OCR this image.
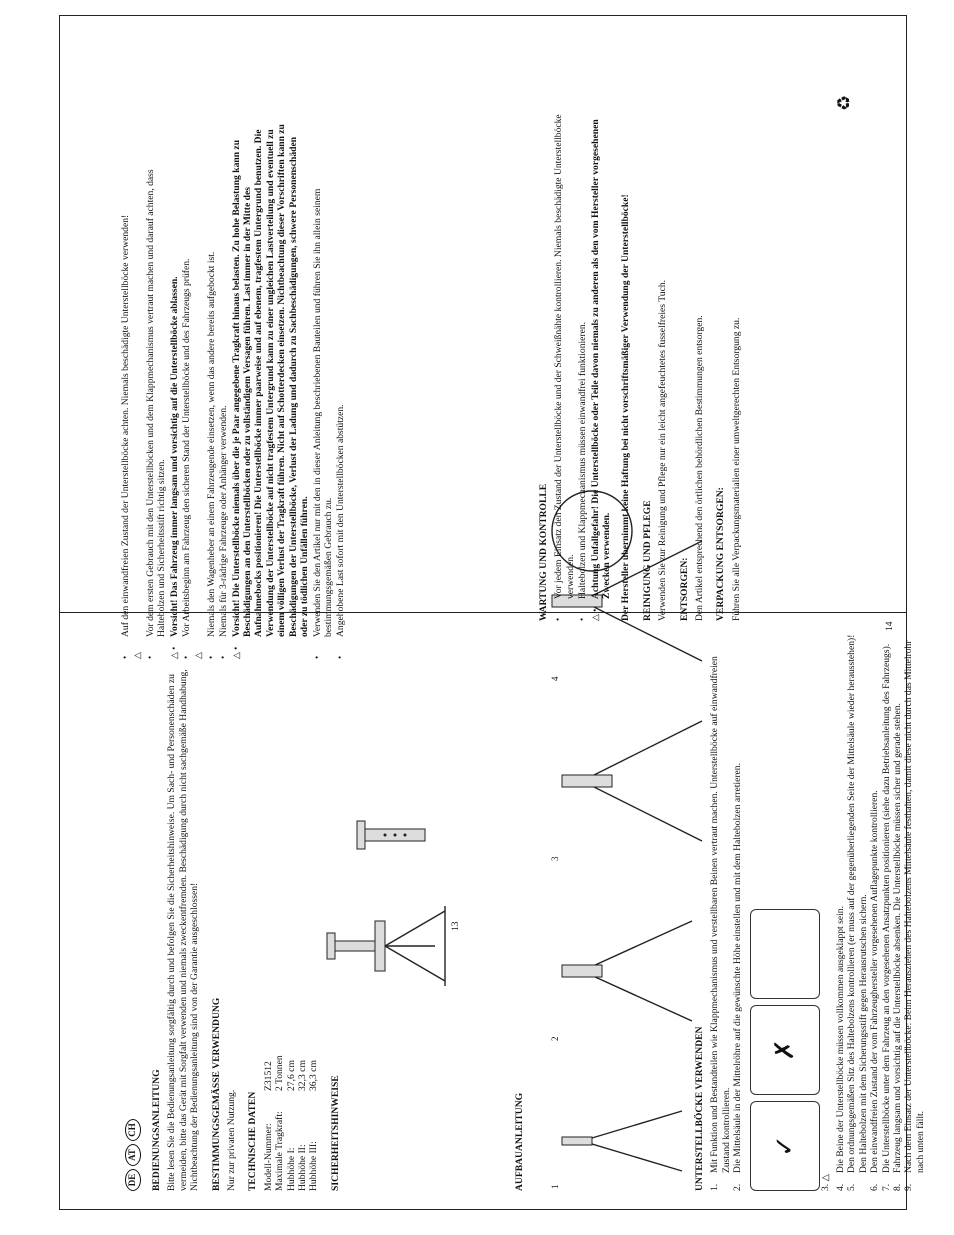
DE
AT
CH	BEDIENUNGSANLEITUNG Bitte lesen Sie die Bedienungsanleitung sorgfältig durch und befolgen Sie die Sicherheitshinweise. Um Sach- und Personenschäden zu vermeiden, bitte das Gerät mit Sorgfalt verwenden und niemals zweckentfremden. Beschädigung durch nicht sachgemäße Handhabung, Nichtbeachtung der Bedienungsanleitung sind von der Garantie ausgeschlossen! BESTIMMUNGSGEMÄSSE VERWENDUNG Nur zur privaten Nutzung. TECHNISCHE DATEN Modell-Nummer:
Z31512
Maximale Tragkraft:
2 Tonnen
Hubhöhe I:
27,6 cm
Hubhöhe II:
32,3 cm
Hubhöhe III:
36,3 cm SICHERHEITSHINWEISE
•
Auf den einwandfreien Zustand der Unterstellböcke achten. Niemals beschädigte Unterstellböcke verwenden!
△
•
Vor dem ersten Gebrauch mit den Unterstellböcken und dem Klappmechanismus vertraut machen und darauf achten, dass Haltebolzen und Sicherheitsstift richtig sitzen.
△ •
Vorsicht! Das Fahrzeug immer langsam und vorsichtig auf die Unterstellböcke ablassen.
•
Vor Arbeitsbeginn am Fahrzeug den sicheren Stand der Unterstellböcke und des Fahrzeugs prüfen.
△
•
Niemals den Wagenheber an einem Fahrzeugende einsetzen, wenn das andere bereits aufgebockt ist.
•
Niemals für 3-rädrige Fahrzeuge oder Anhänger verwenden.
△ •
Vorsicht! Die Unterstellböcke niemals über die je Paar angegebene Tragkraft hinaus belasten. Zu hohe Belastung kann zu Beschädigungen an den Unterstellböcken oder zu vollständigem Versagen führen. Last immer in der Mitte des Aufnahmebocks positionieren! Die Unterstellböcke immer paarweise und auf ebenem, tragfestem Untergrund benutzen. Die Verwendung der Unterstellböcke auf nicht tragfestem Untergrund kann zu einer ungleichen Lastverteilung und eventuell zu einem völligen Verlust der Tragkraft führen. Nicht auf Schotterdecken einsetzen. Nichtbeachtung dieser Vorschriften kann zu Beschädigungen der Unterstellböcke, Verlust der Ladung und dadurch zu Sachbeschädigungen, schwere Personenschäden oder zu tödlichen Unfällen führen.
•
Verwenden Sie den Artikel nur mit den in dieser Anleitung beschriebenen Bauteilen und führen Sie ihn allein seinem bestimmungsgemäßen Gebrauch zu.
•
Angehobene Last sofort mit den Unterstellböcken abstützen.
13
AUFBAUANLEITUNG	1
2
3
4
UNTERSTELLBÖCKE VERWENDEN 1.
Mit Funktion und Bestandteilen wie Klappmechanismus und verstellbaren Beinen vertraut machen. Unterstellböcke auf einwandfreien Zustand kontrollieren.
2.
Die Mittelsäule in der Mittelröhre auf die gewünschte Höhe einstellen und mit dem Haltebolzen arretieren.	✓
✗
3. △
4.
Die Beine der Unterstellböcke müssen vollkommen ausgeklappt sein.
5.
Den ordnungsgemäßen Sitz des Haltebolzens kontrollieren (er muss auf der gegenüberliegenden Seite der Mittelsäule wieder herausstehen)! Den Haltebolzen mit dem Sicherungsstift gegen Herausrutschen sichern.
6.
Den einwandfreien Zustand der vom Fahrzeughersteller vorgesehenen Auflagepunkte kontrollieren.
7.
Die Unterstellböcke unter dem Fahrzeug an den vorgesehenen Ansatzpunkten positionieren (siehe dazu Betriebsanleitung des Fahrzeugs).
8.
Fahrzeug langsam und vorsichtig auf die Unterstellböcke absenken. Die Unterstellböcke müssen sicher und gerade stehen.
9.
Nach dem Einsatz der Unterstellböcke: Beim Herausziehen des Haltebolzens Mittelsäule festhalten, damit diese nicht durch das Mittelrohr nach unten fällt.
WARTUNG UND KONTROLLE •
Vor jedem Einsatz den Zustand der Unterstellböcke und der Schweißnähte kontrollieren. Niemals beschädigte Unterstellböcke verwenden.
•
Haltebolzen und Klappmechanismus müssen einwandfrei funktionieren.
△ •
Achtung Unfallgefahr! Die Unterstellböcke oder Teile davon niemals zu anderen als den vom Hersteller vorgesehenen Zwecken verwenden. Der Hersteller übernimmt keine Haftung bei nicht vorschriftsmäßiger Verwendung der Unterstellböcke! REINIGUNG UND PFLEGE Verwenden Sie zur Reinigung und Pflege nur ein leicht angefeuchtetes fusselfreies Tuch. ENTSORGEN: Den Artikel entsprechend den örtlichen behördlichen Bestimmungen entsorgen. VERPACKUNG ENTSORGEN: Führen Sie alle Verpackungsmaterialien einer umweltgerechten Entsorgung zu.

♻
14
